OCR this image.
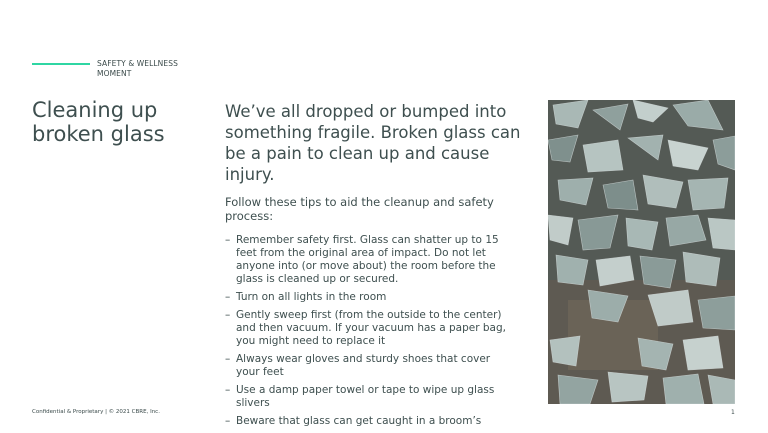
SAFETY & WELLNESS
MOMENT
Cleaning up
broken glass
We’ve all dropped or bumped into something fragile. Broken glass can be a pain to clean up and cause injury.
Follow these tips to aid the cleanup and safety process:
– Remember safety first. Glass can shatter up to 15 feet from the original area of impact. Do not let anyone into (or move about) the room before the glass is cleaned up or secured.
– Turn on all lights in the room
– Gently sweep first (from the outside to the center) and then vacuum. If your vacuum has a paper bag, you might need to replace it
– Always wear gloves and sturdy shoes that cover your feet
– Use a damp paper towel or tape to wipe up glass slivers
– Beware that glass can get caught in a broom’s
Confidential & Proprietary | © 2021 CBRE, Inc.	1
